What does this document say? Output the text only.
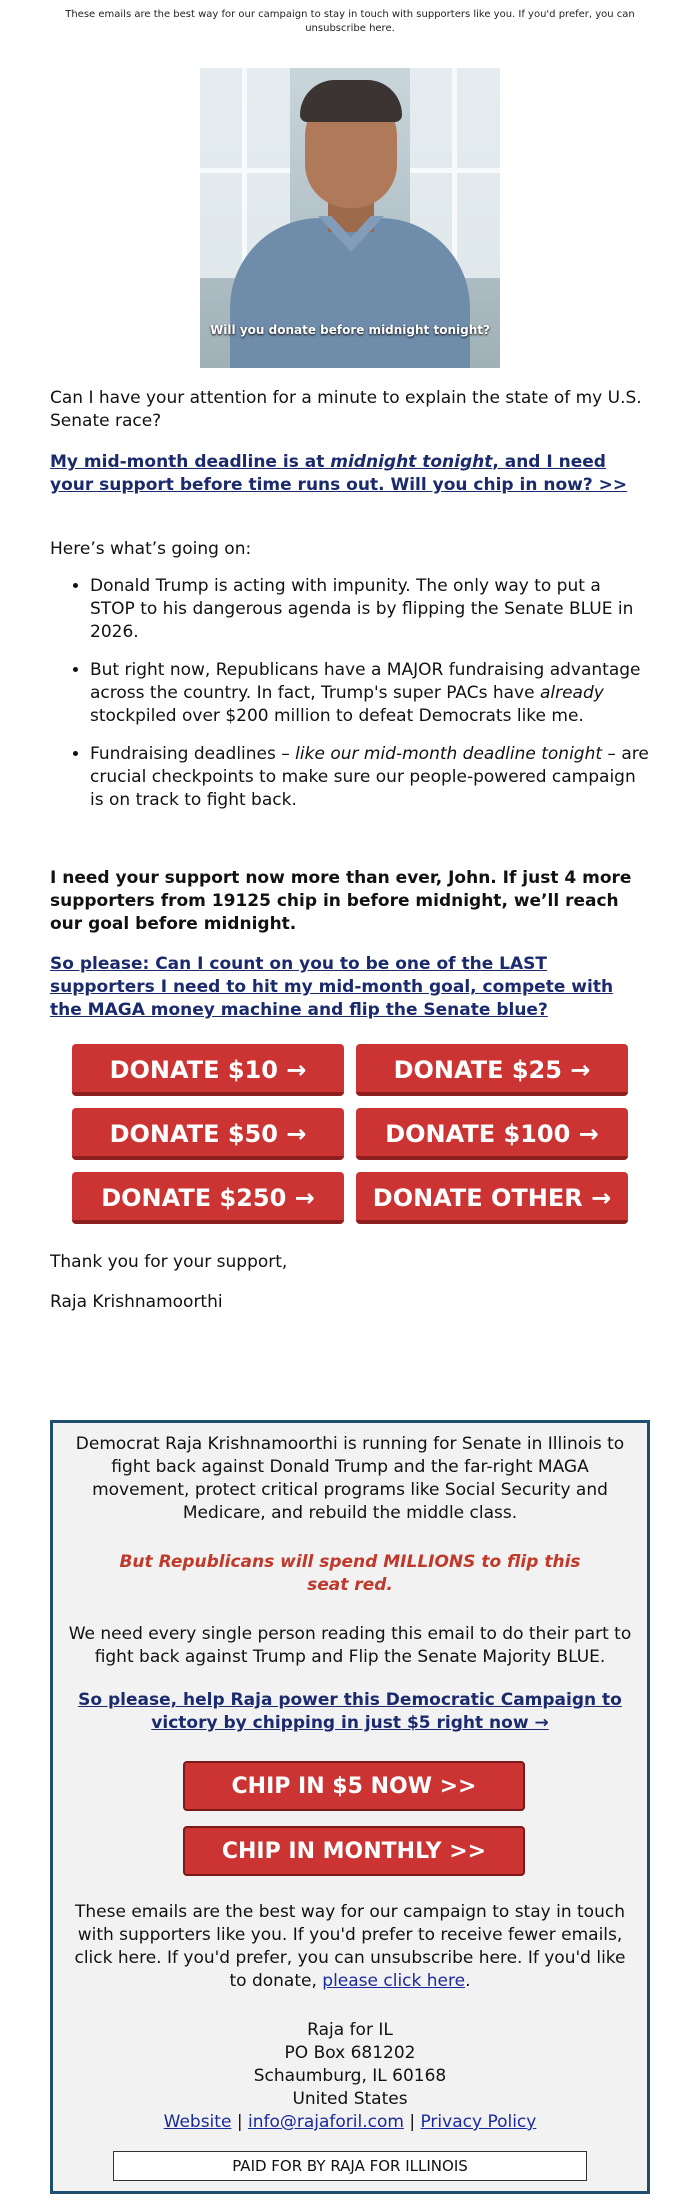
These emails are the best way for our campaign to stay in touch with supporters like you. If you'd prefer, you can unsubscribe here.
Will you donate before midnight tonight?
Can I have your attention for a minute to explain the state of my U.S. Senate race?
My mid-month deadline is at midnight tonight, and I need your support before time runs out. Will you chip in now? >>
Here’s what’s going on:
• Donald Trump is acting with impunity. The only way to put a STOP to his dangerous agenda is by flipping the Senate BLUE in 2026.
• But right now, Republicans have a MAJOR fundraising advantage across the country. In fact, Trump's super PACs have already stockpiled over $200 million to defeat Democrats like me.
• Fundraising deadlines – like our mid-month deadline tonight – are crucial checkpoints to make sure our people-powered campaign is on track to fight back.
I need your support now more than ever, John. If just 4 more supporters from 19125 chip in before midnight, we’ll reach our goal before midnight.
So please: Can I count on you to be one of the LAST supporters I need to hit my mid-month goal, compete with the MAGA money machine and flip the Senate blue?
DONATE $10 →	DONATE $25 →
DONATE $50 →	DONATE $100 →
DONATE $250 →	DONATE OTHER →
Thank you for your support,
Raja Krishnamoorthi
Democrat Raja Krishnamoorthi is running for Senate in Illinois to fight back against Donald Trump and the far-right MAGA movement, protect critical programs like Social Security and Medicare, and rebuild the middle class.
But Republicans will spend MILLIONS to flip this seat red.
We need every single person reading this email to do their part to fight back against Trump and Flip the Senate Majority BLUE.
So please, help Raja power this Democratic Campaign to victory by chipping in just $5 right now →
CHIP IN $5 NOW >>
CHIP IN MONTHLY >>
These emails are the best way for our campaign to stay in touch with supporters like you. If you'd prefer to receive fewer emails, click here. If you'd prefer, you can unsubscribe here. If you'd like to donate, please click here.
Raja for IL
PO Box 681202
Schaumburg, IL 60168
United States
Website | info@rajaforil.com | Privacy Policy
PAID FOR BY RAJA FOR ILLINOIS
